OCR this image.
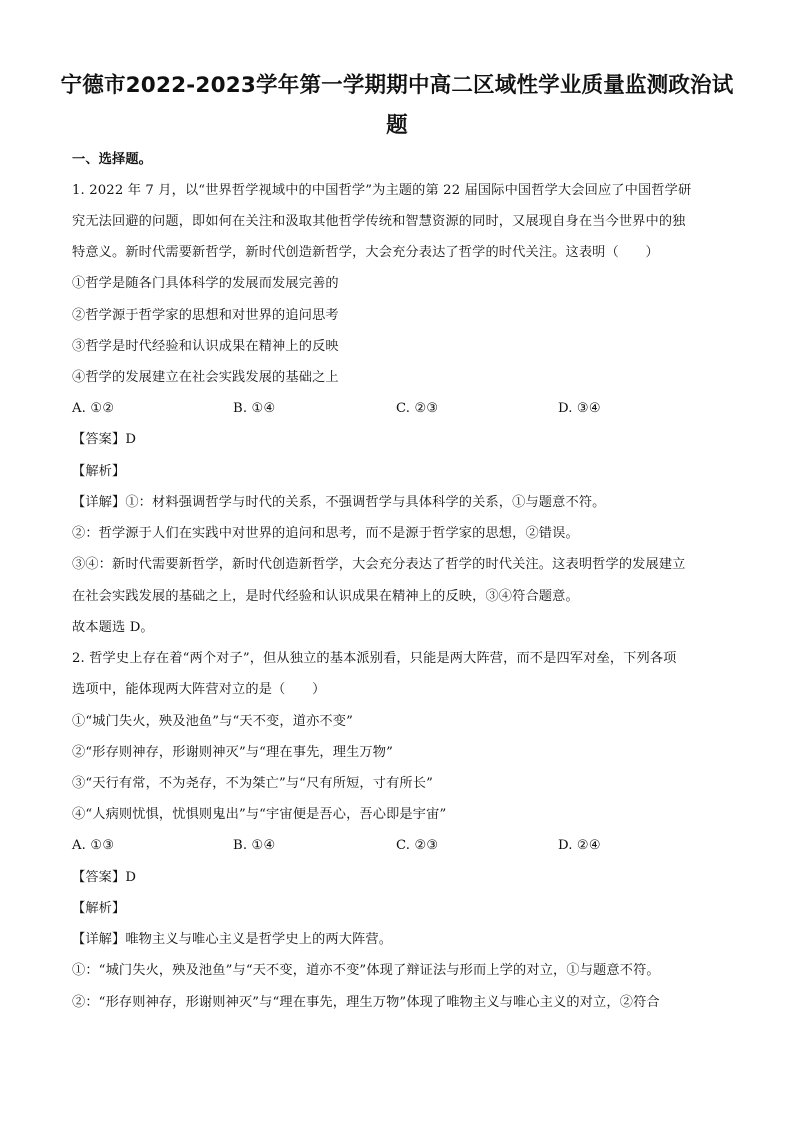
宁德市2022-2023学年第一学期期中高二区域性学业质量监测政治试
题
一、选择题。
1. 2022 年 7 月，以“世界哲学视域中的中国哲学”为主题的第 22 届国际中国哲学大会回应了中国哲学研
究无法回避的问题，即如何在关注和汲取其他哲学传统和智慧资源的同时，又展现自身在当今世界中的独
特意义。新时代需要新哲学，新时代创造新哲学，大会充分表达了哲学的时代关注。这表明（　　）
①哲学是随各门具体科学的发展而发展完善的
②哲学源于哲学家的思想和对世界的追问思考
③哲学是时代经验和认识成果在精神上的反映
④哲学的发展建立在社会实践发展的基础之上
A. ①②	B. ①④	C. ②③	D. ③④
【答案】D
【解析】
【详解】①：材料强调哲学与时代的关系，不强调哲学与具体科学的关系，①与题意不符。
②：哲学源于人们在实践中对世界的追问和思考，而不是源于哲学家的思想，②错误。
③④：新时代需要新哲学，新时代创造新哲学，大会充分表达了哲学的时代关注。这表明哲学的发展建立
在社会实践发展的基础之上，是时代经验和认识成果在精神上的反映，③④符合题意。
故本题选 D。
2. 哲学史上存在着“两个对子”，但从独立的基本派别看，只能是两大阵营，而不是四军对垒，下列各项
选项中，能体现两大阵营对立的是（　　）
①“城门失火，殃及池鱼”与“天不变，道亦不变”
②“形存则神存，形谢则神灭”与“理在事先，理生万物”
③“天行有常，不为尧存，不为桀亡”与“尺有所短，寸有所长”
④“人病则忧惧，忧惧则鬼出”与“宇宙便是吾心，吾心即是宇宙”
A. ①③	B. ①④	C. ②③	D. ②④
【答案】D
【解析】
【详解】唯物主义与唯心主义是哲学史上的两大阵营。
①：“城门失火，殃及池鱼”与“天不变，道亦不变”体现了辩证法与形而上学的对立，①与题意不符。
②：“形存则神存，形谢则神灭”与“理在事先，理生万物”体现了唯物主义与唯心主义的对立，②符合
